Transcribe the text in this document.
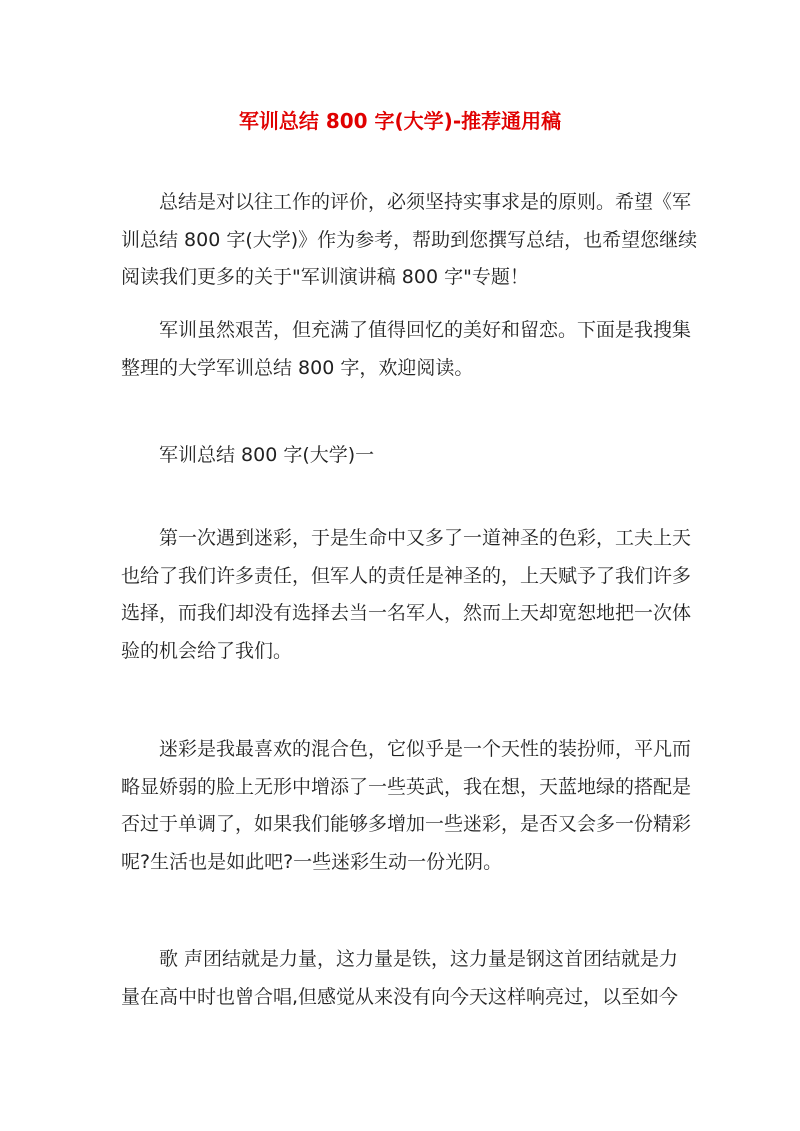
军训总结 800 字(大学)-推荐通用稿

总结是对以往工作的评价，必须坚持实事求是的原则。希望《军
训总结 800 字(大学)》作为参考，帮助到您撰写总结，也希望您继续
阅读我们更多的关于"军训演讲稿 800 字"专题！

军训虽然艰苦，但充满了值得回忆的美好和留恋。下面是我搜集
整理的大学军训总结 800 字，欢迎阅读。

军训总结 800 字(大学)一

第一次遇到迷彩，于是生命中又多了一道神圣的色彩，工夫上天
也给了我们许多责任，但军人的责任是神圣的，上天赋予了我们许多
选择，而我们却没有选择去当一名军人，然而上天却宽恕地把一次体
验的机会给了我们。

迷彩是我最喜欢的混合色，它似乎是一个天性的装扮师，平凡而
略显娇弱的脸上无形中增添了一些英武，我在想，天蓝地绿的搭配是
否过于单调了，如果我们能够多增加一些迷彩，是否又会多一份精彩
呢?生活也是如此吧?一些迷彩生动一份光阴。

歌 声团结就是力量，这力量是铁，这力量是钢这首团结就是力
量在高中时也曾合唱,但感觉从来没有向今天这样响亮过，以至如今
